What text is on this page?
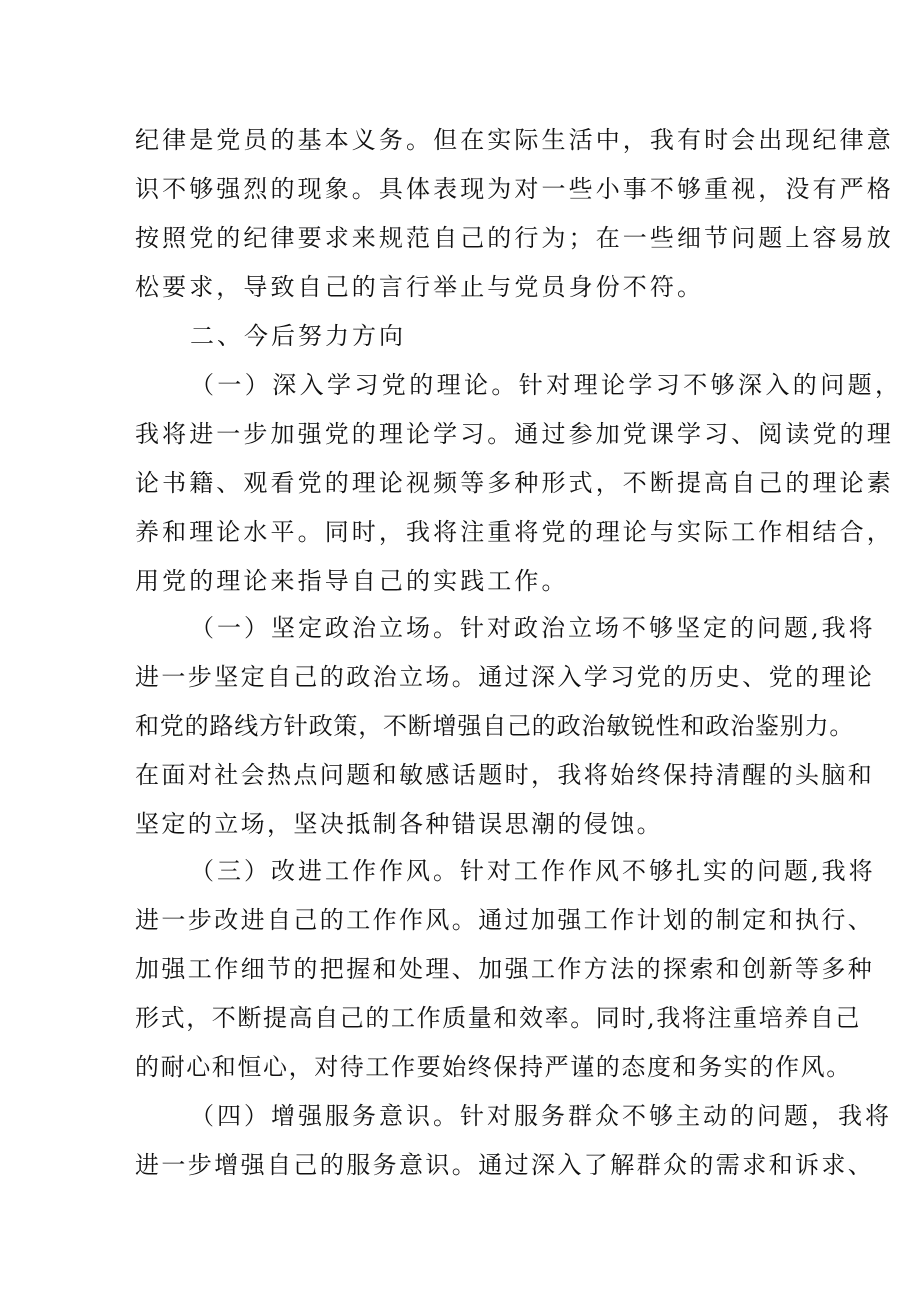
纪律是党员的基本义务。但在实际生活中，我有时会出现纪律意
识不够强烈的现象。具体表现为对一些小事不够重视，没有严格
按照党的纪律要求来规范自己的行为；在一些细节问题上容易放
松要求，导致自己的言行举止与党员身份不符。
二、今后努力方向
（一）深入学习党的理论。针对理论学习不够深入的问题，
我将进一步加强党的理论学习。通过参加党课学习、阅读党的理
论书籍、观看党的理论视频等多种形式，不断提高自己的理论素
养和理论水平。同时，我将注重将党的理论与实际工作相结合，
用党的理论来指导自己的实践工作。
（一）坚定政治立场。针对政治立场不够坚定的问题,我将
进一步坚定自己的政治立场。通过深入学习党的历史、党的理论
和党的路线方针政策，不断增强自己的政治敏锐性和政治鉴别力。
在面对社会热点问题和敏感话题时，我将始终保持清醒的头脑和
坚定的立场，坚决抵制各种错误思潮的侵蚀。
（三）改进工作作风。针对工作作风不够扎实的问题,我将
进一步改进自己的工作作风。通过加强工作计划的制定和执行、
加强工作细节的把握和处理、加强工作方法的探索和创新等多种
形式，不断提高自己的工作质量和效率。同时,我将注重培养自己
的耐心和恒心，对待工作要始终保持严谨的态度和务实的作风。
（四）增强服务意识。针对服务群众不够主动的问题，我将
进一步增强自己的服务意识。通过深入了解群众的需求和诉求、
